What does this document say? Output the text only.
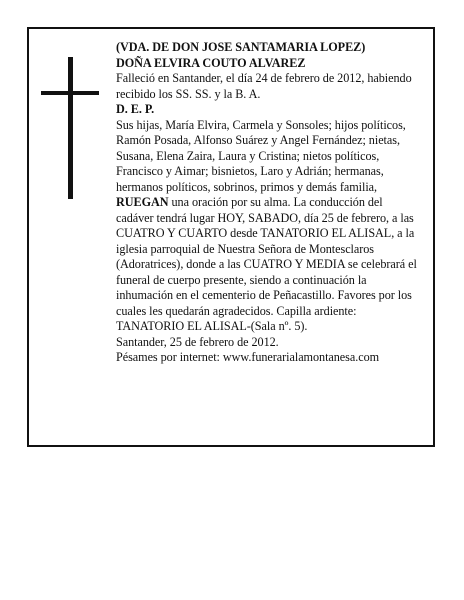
(VDA. DE DON JOSE SANTAMARIA LOPEZ)

DOÑA ELVIRA COUTO ALVAREZ

Falleció en Santander, el día 24 de febrero de 2012, habiendo recibido los SS. SS. y la B. A.

D. E. P.

Sus hijas, María Elvira, Carmela y Sonsoles; hijos políticos, Ramón Posada, Alfonso Suárez y Angel Fernández; nietas, Susana, Elena Zaira, Laura y Cristina; nietos políticos, Francisco y Aimar; bisnietos, Laro y Adrián; hermanas, hermanos políticos, sobrinos, primos y demás familia,

RUEGAN una oración por su alma. La conducción del cadáver tendrá lugar HOY, SABADO, día 25 de febrero, a las CUATRO Y CUARTO desde TANATORIO EL ALISAL, a la iglesia parroquial de Nuestra Señora de Montesclaros (Adoratrices), donde a las CUATRO Y MEDIA se celebrará el funeral de cuerpo presente, siendo a continuación la inhumación en el cementerio de Peñacastillo. Favores por los cuales les quedarán agradecidos. Capilla ardiente: TANATORIO EL ALISAL-(Sala nº. 5).

Santander, 25 de febrero de 2012.

Pésames por internet: www.funerarialamontanesa.com
